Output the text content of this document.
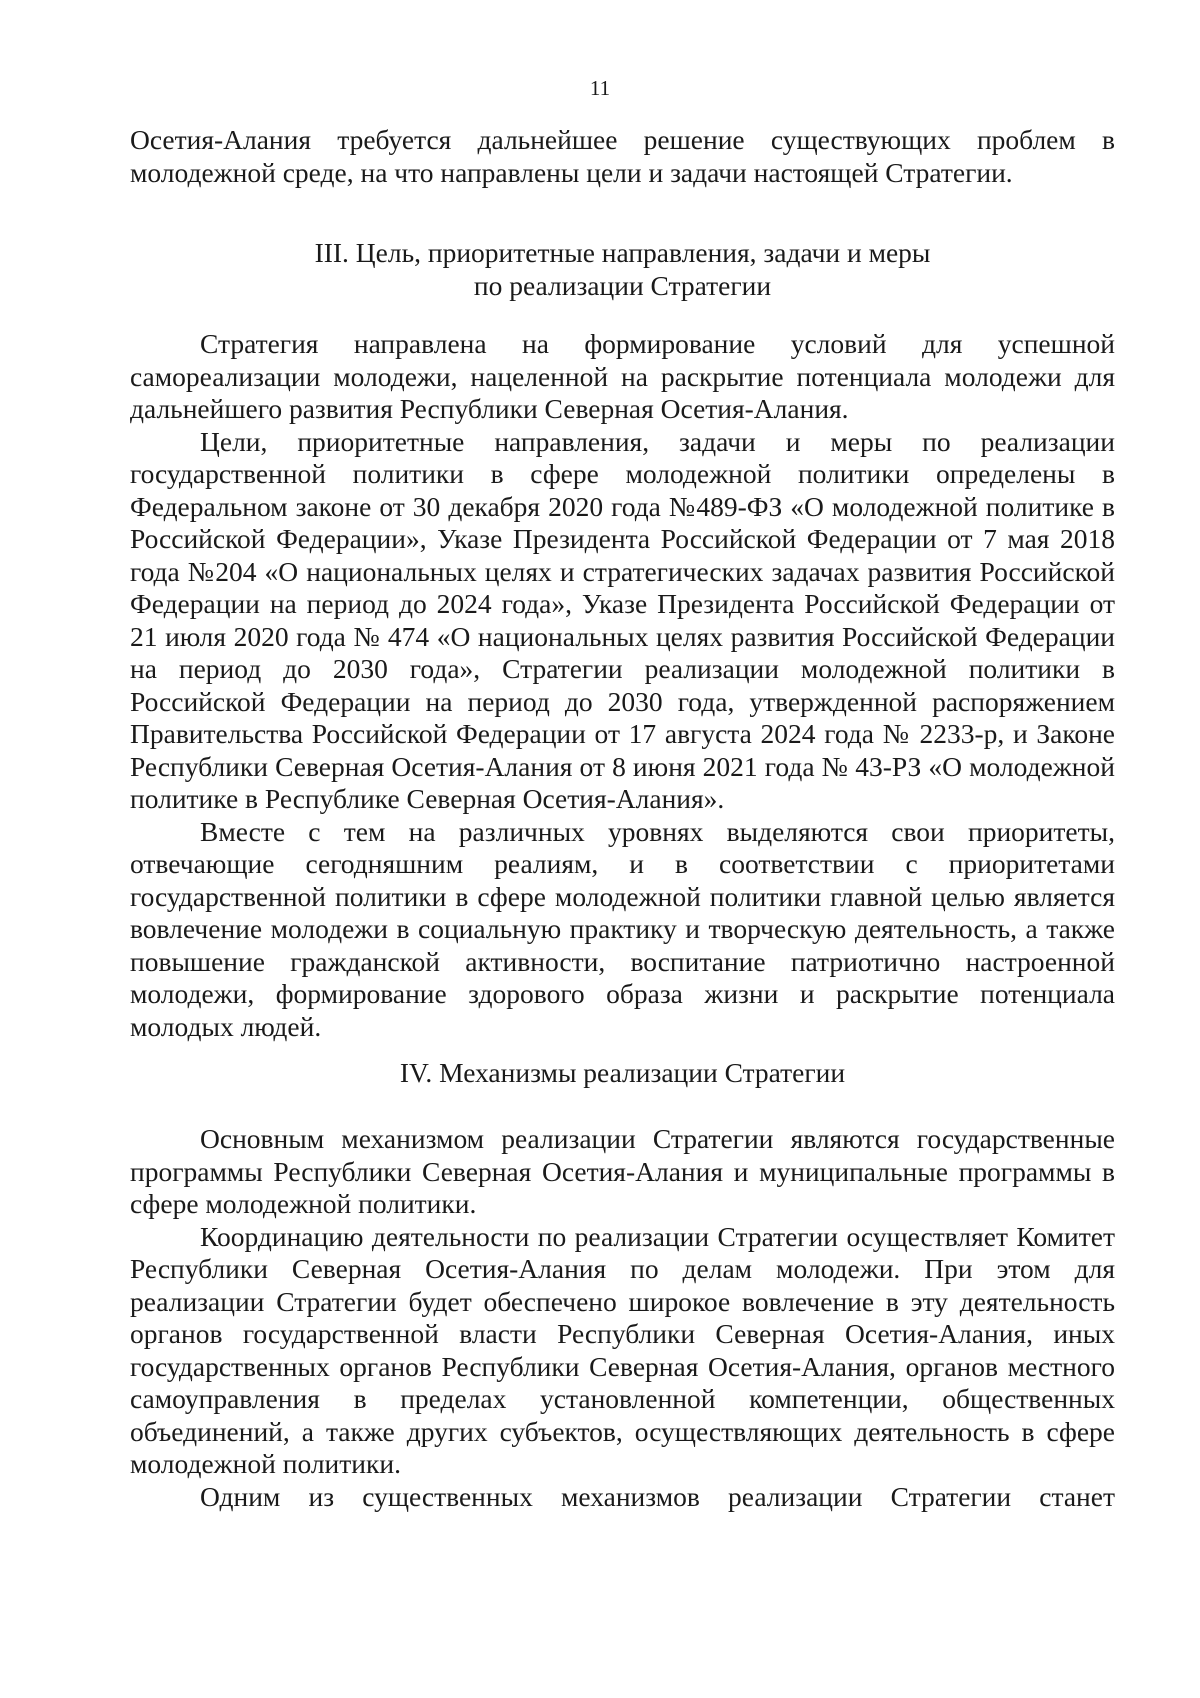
11

Осетия-Алания требуется дальнейшее решение существующих проблем в молодежной среде, на что направлены цели и задачи настоящей Стратегии.

III. Цель, приоритетные направления, задачи и меры
по реализации Стратегии

Стратегия направлена на формирование условий для успешной самореализации молодежи, нацеленной на раскрытие потенциала молодежи для дальнейшего развития Республики Северная Осетия-Алания.

Цели, приоритетные направления, задачи и меры по реализации государственной политики в сфере молодежной политики определены в Федеральном законе от 30 декабря 2020 года №489-ФЗ «О молодежной политике в Российской Федерации», Указе Президента Российской Федерации от 7 мая 2018 года №204 «О национальных целях и стратегических задачах развития Российской Федерации на период до 2024 года», Указе Президента Российской Федерации от 21 июля 2020 года № 474 «О национальных целях развития Российской Федерации на период до 2030 года», Стратегии реализации молодежной политики в Российской Федерации на период до 2030 года, утвержденной распоряжением Правительства Российской Федерации от 17 августа 2024 года № 2233-р, и Законе Республики Северная Осетия-Алания от 8 июня 2021 года № 43-РЗ «О молодежной политике в Республике Северная Осетия-Алания».

Вместе с тем на различных уровнях выделяются свои приоритеты, отвечающие сегодняшним реалиям, и в соответствии с приоритетами государственной политики в сфере молодежной политики главной целью является вовлечение молодежи в социальную практику и творческую деятельность, а также повышение гражданской активности, воспитание патриотично настроенной молодежи, формирование здорового образа жизни и раскрытие потенциала молодых людей.

IV. Механизмы реализации Стратегии

Основным механизмом реализации Стратегии являются государственные программы Республики Северная Осетия-Алания и муниципальные программы в сфере молодежной политики.

Координацию деятельности по реализации Стратегии осуществляет Комитет Республики Северная Осетия-Алания по делам молодежи. При этом для реализации Стратегии будет обеспечено широкое вовлечение в эту деятельность органов государственной власти Республики Северная Осетия-Алания, иных государственных органов Республики Северная Осетия-Алания, органов местного самоуправления в пределах установленной компетенции, общественных объединений, а также других субъектов, осуществляющих деятельность в сфере молодежной политики.

Одним из существенных механизмов реализации Стратегии станет
